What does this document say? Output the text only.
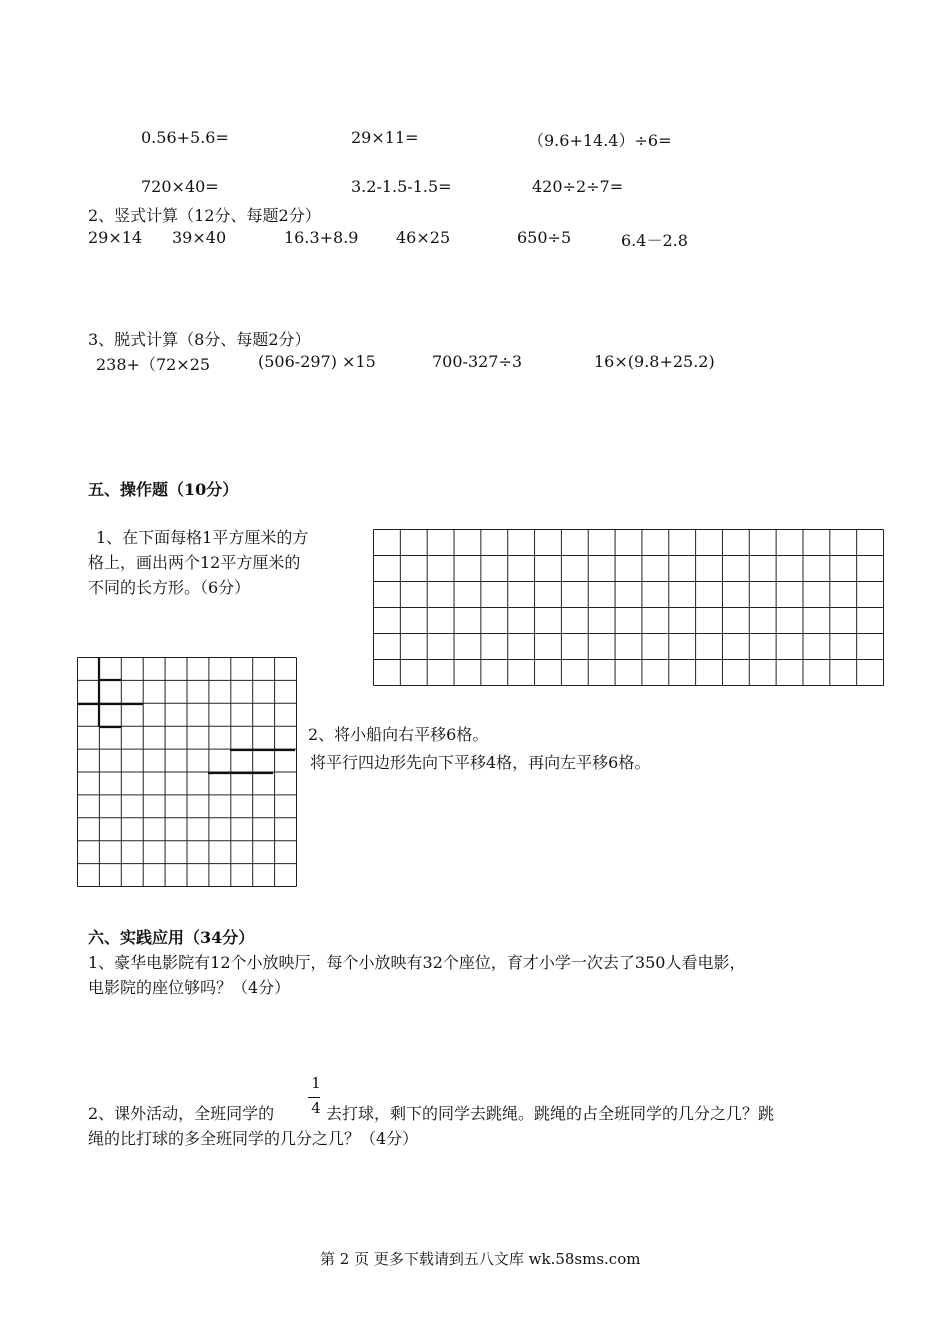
0.56+5.6=	29×11=	（9.6+14.4）÷6=
720×40=	3.2-1.5-1.5=	420÷2÷7=
2、竖式计算（12分、每题2分）
29×14 39×40	16.3+8.9 46×25	650÷5	6.4－2.8
3、脱式计算（8分、每题2分）
238+（72×25	(506-297) ×15	700-327÷3	16×(9.8+25.2)
五、操作题（10分）
1、在下面每格1平方厘米的方
格上，画出两个12平方厘米的
不同的长方形。（6分）
2、将小船向右平移6格。
将平行四边形先向下平移4格，再向左平移6格。
六、实践应用（34分）
1、豪华电影院有12个小放映厅，每个小放映有32个座位，育才小学一次去了350人看电影，
电影院的座位够吗？（4分）
2、课外活动，全班同学的
1
4 去打球，剩下的同学去跳绳。跳绳的占全班同学的几分之几？跳
绳的比打球的多全班同学的几分之几？（4分）
第 2 页 更多下载请到五八文库 wk.58sms.com
